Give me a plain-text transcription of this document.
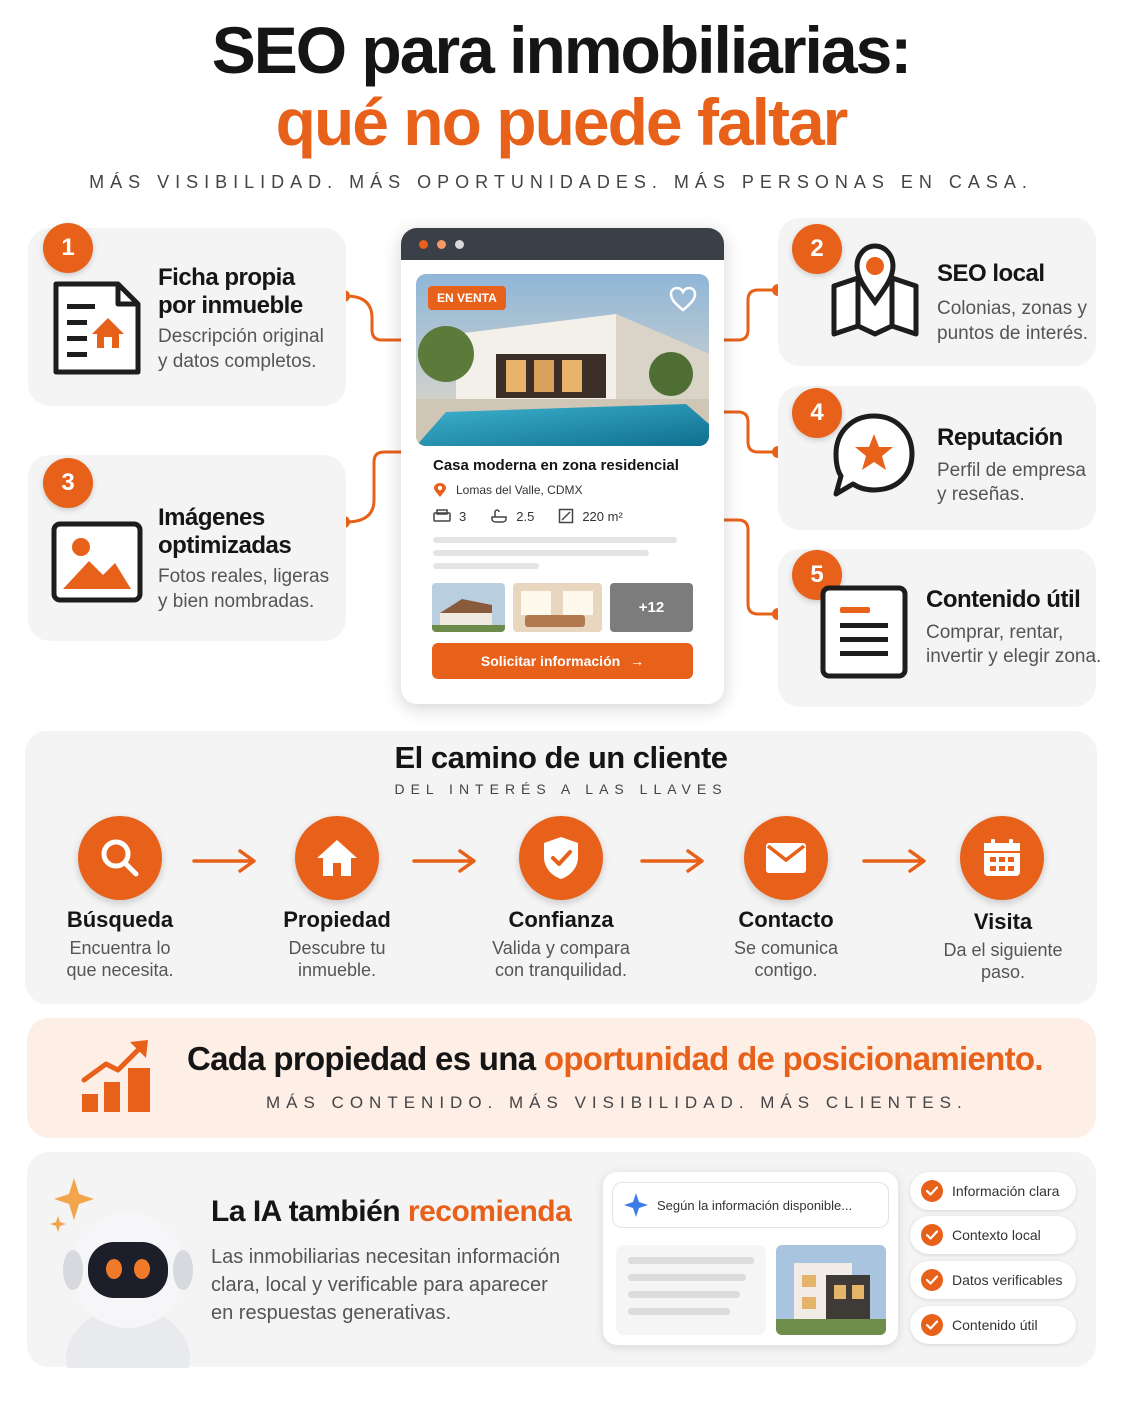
SEO para inmobiliarias:
qué no puede faltar
MÁS VISIBILIDAD. MÁS OPORTUNIDADES. MÁS PERSONAS EN CASA.
1
Ficha propia
por inmueble
Descripción original
y datos completos.
3
Imágenes
optimizadas
Fotos reales, ligeras
y bien nombradas.
2
SEO local
Colonias, zonas y
puntos de interés.
4
Reputación
Perfil de empresa
y reseñas.
5
Contenido útil
Comprar, rentar,
invertir y elegir zona.
EN VENTA
Casa moderna en zona residencial
Lomas del Valle, CDMX
3	2.5	220 m²
+12
Solicitar información →
El camino de un cliente
DEL INTERÉS A LAS LLAVES
Búsqueda
Encuentra lo
que necesita.
Propiedad
Descubre tu
inmueble.
Confianza
Valida y compara
con tranquilidad.
Contacto
Se comunica
contigo.
Visita
Da el siguiente
paso.
Cada propiedad es una oportunidad de posicionamiento.
MÁS CONTENIDO. MÁS VISIBILIDAD. MÁS CLIENTES.
La IA también recomienda
Las inmobiliarias necesitan información
clara, local y verificable para aparecer
en respuestas generativas.
Según la información disponible...
Información clara
Contexto local
Datos verificables
Contenido útil
